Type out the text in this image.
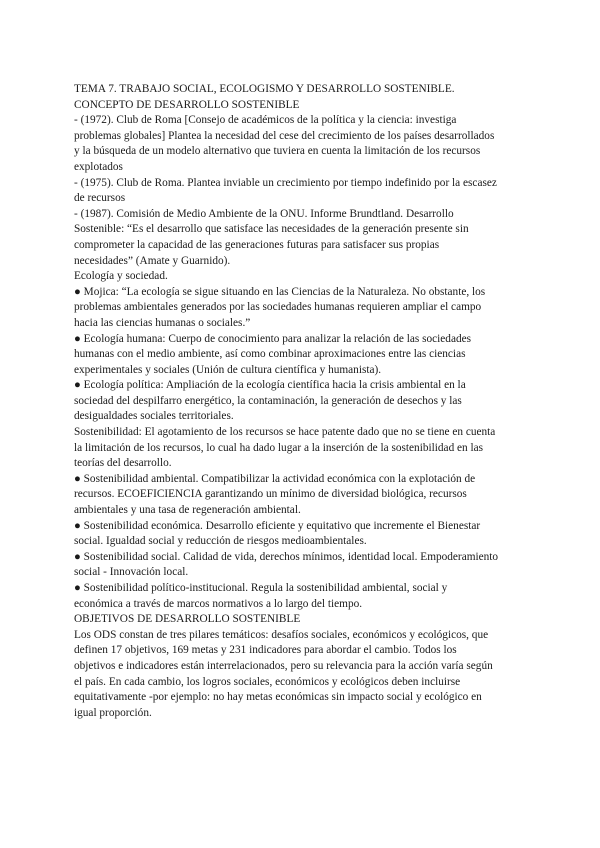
TEMA 7. TRABAJO SOCIAL, ECOLOGISMO Y DESARROLLO SOSTENIBLE.

CONCEPTO DE DESARROLLO SOSTENIBLE

- (1972). Club de Roma [Consejo de académicos de la política y la ciencia: investiga

problemas globales] Plantea la necesidad del cese del crecimiento de los países desarrollados

y la búsqueda de un modelo alternativo que tuviera en cuenta la limitación de los recursos

explotados

- (1975). Club de Roma. Plantea inviable un crecimiento por tiempo indefinido por la escasez

de recursos

- (1987). Comisión de Medio Ambiente de la ONU. Informe Brundtland. Desarrollo

Sostenible: “Es el desarrollo que satisface las necesidades de la generación presente sin

comprometer la capacidad de las generaciones futuras para satisfacer sus propias

necesidades” (Amate y Guarnido).

Ecología y sociedad.

● Mojica: “La ecología se sigue situando en las Ciencias de la Naturaleza. No obstante, los

problemas ambientales generados por las sociedades humanas requieren ampliar el campo

hacia las ciencias humanas o sociales.”

● Ecología humana: Cuerpo de conocimiento para analizar la relación de las sociedades

humanas con el medio ambiente, así como combinar aproximaciones entre las ciencias

experimentales y sociales (Unión de cultura científica y humanista).

● Ecología política: Ampliación de la ecología científica hacia la crisis ambiental en la

sociedad del despilfarro energético, la contaminación, la generación de desechos y las

desigualdades sociales territoriales.

Sostenibilidad: El agotamiento de los recursos se hace patente dado que no se tiene en cuenta

la limitación de los recursos, lo cual ha dado lugar a la inserción de la sostenibilidad en las

teorías del desarrollo.

● Sostenibilidad ambiental. Compatibilizar la actividad económica con la explotación de

recursos. ECOEFICIENCIA garantizando un mínimo de diversidad biológica, recursos

ambientales y una tasa de regeneración ambiental.

● Sostenibilidad económica. Desarrollo eficiente y equitativo que incremente el Bienestar

social. Igualdad social y reducción de riesgos medioambientales.

● Sostenibilidad social. Calidad de vida, derechos mínimos, identidad local. Empoderamiento

social - Innovación local.

● Sostenibilidad político-institucional. Regula la sostenibilidad ambiental, social y

económica a través de marcos normativos a lo largo del tiempo.

OBJETIVOS DE DESARROLLO SOSTENIBLE

Los ODS constan de tres pilares temáticos: desafíos sociales, económicos y ecológicos, que

definen 17 objetivos, 169 metas y 231 indicadores para abordar el cambio. Todos los

objetivos e indicadores están interrelacionados, pero su relevancia para la acción varía según

el país. En cada cambio, los logros sociales, económicos y ecológicos deben incluirse

equitativamente -por ejemplo: no hay metas económicas sin impacto social y ecológico en

igual proporción.
